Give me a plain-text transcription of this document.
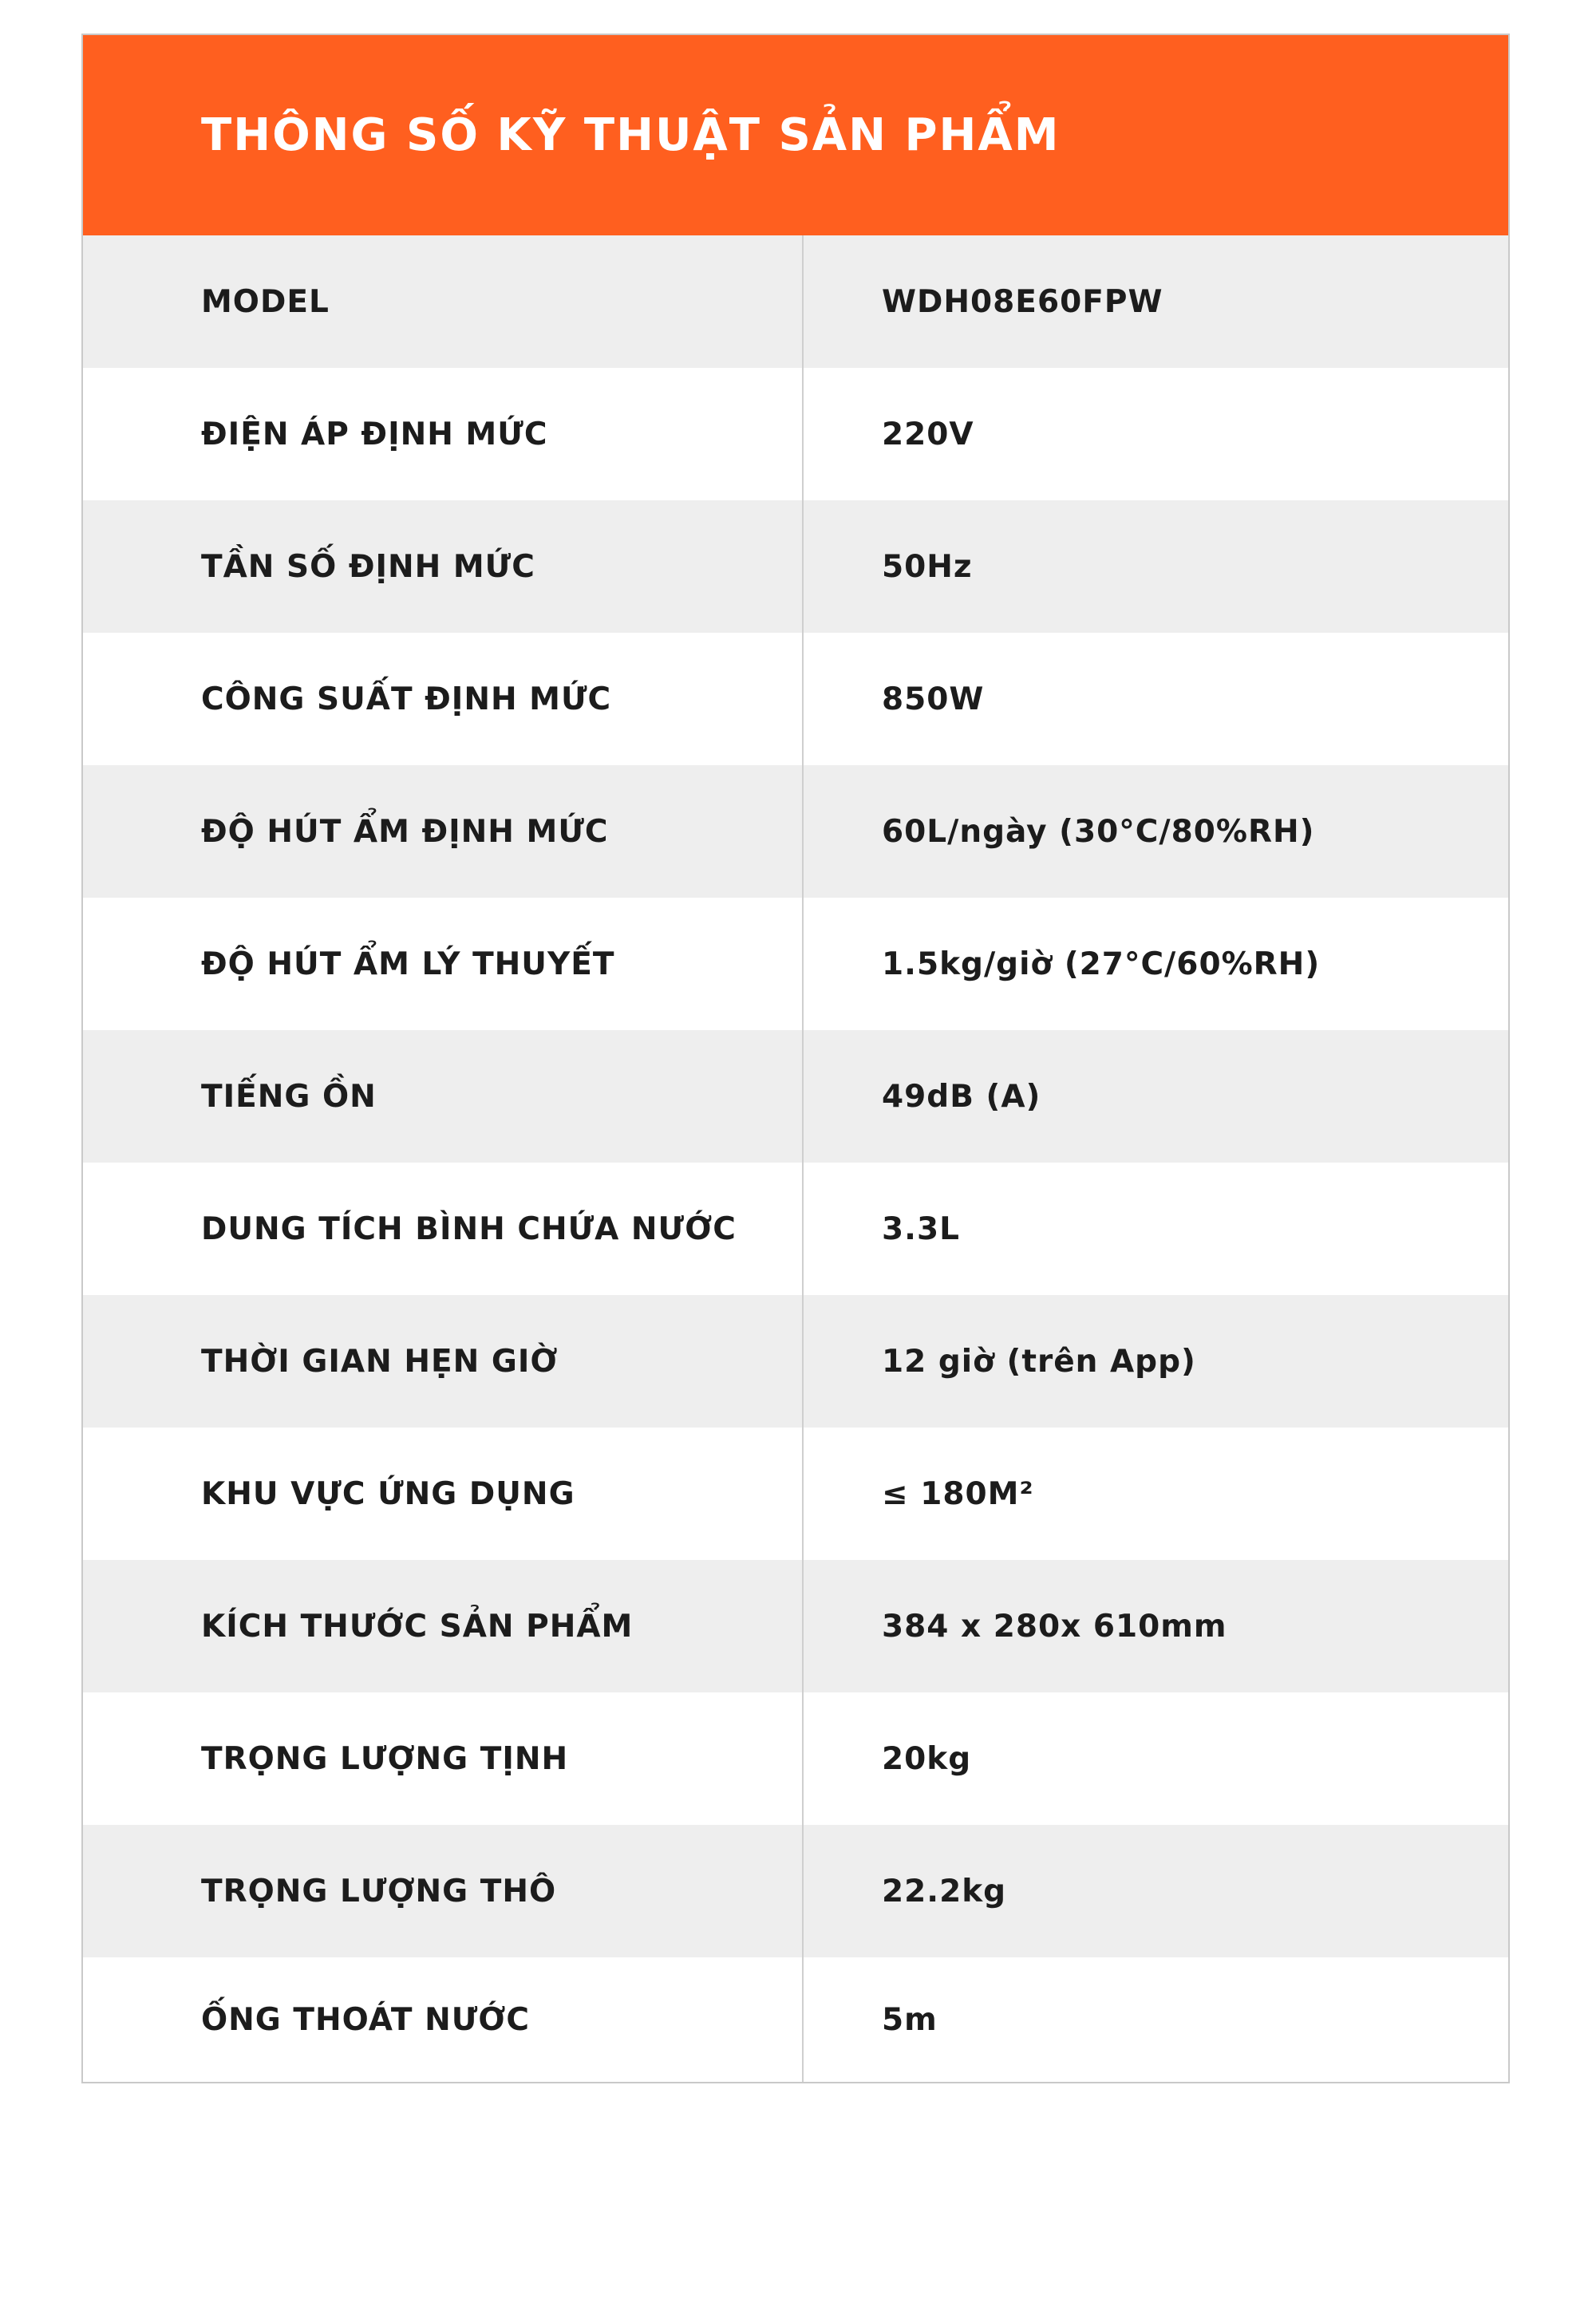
THÔNG SỐ KỸ THUẬT SẢN PHẨM
MODEL	WDH08E60FPW
ĐIỆN ÁP ĐỊNH MỨC	220V
TẦN SỐ ĐỊNH MỨC	50Hz
CÔNG SUẤT ĐỊNH MỨC	850W
ĐỘ HÚT ẨM ĐỊNH MỨC	60L/ngày (30°C/80%RH)
ĐỘ HÚT ẨM LÝ THUYẾT	1.5kg/giờ (27°C/60%RH)
TIẾNG ỒN	49dB (A)
DUNG TÍCH BÌNH CHỨA NƯỚC	3.3L
THỜI GIAN HẸN GIỜ	12 giờ (trên App)
KHU VỰC ỨNG DỤNG	≤ 180M²
KÍCH THƯỚC SẢN PHẨM	384 x 280x 610mm
TRỌNG LƯỢNG TỊNH	20kg
TRỌNG LƯỢNG THÔ	22.2kg
ỐNG THOÁT NƯỚC	5m
